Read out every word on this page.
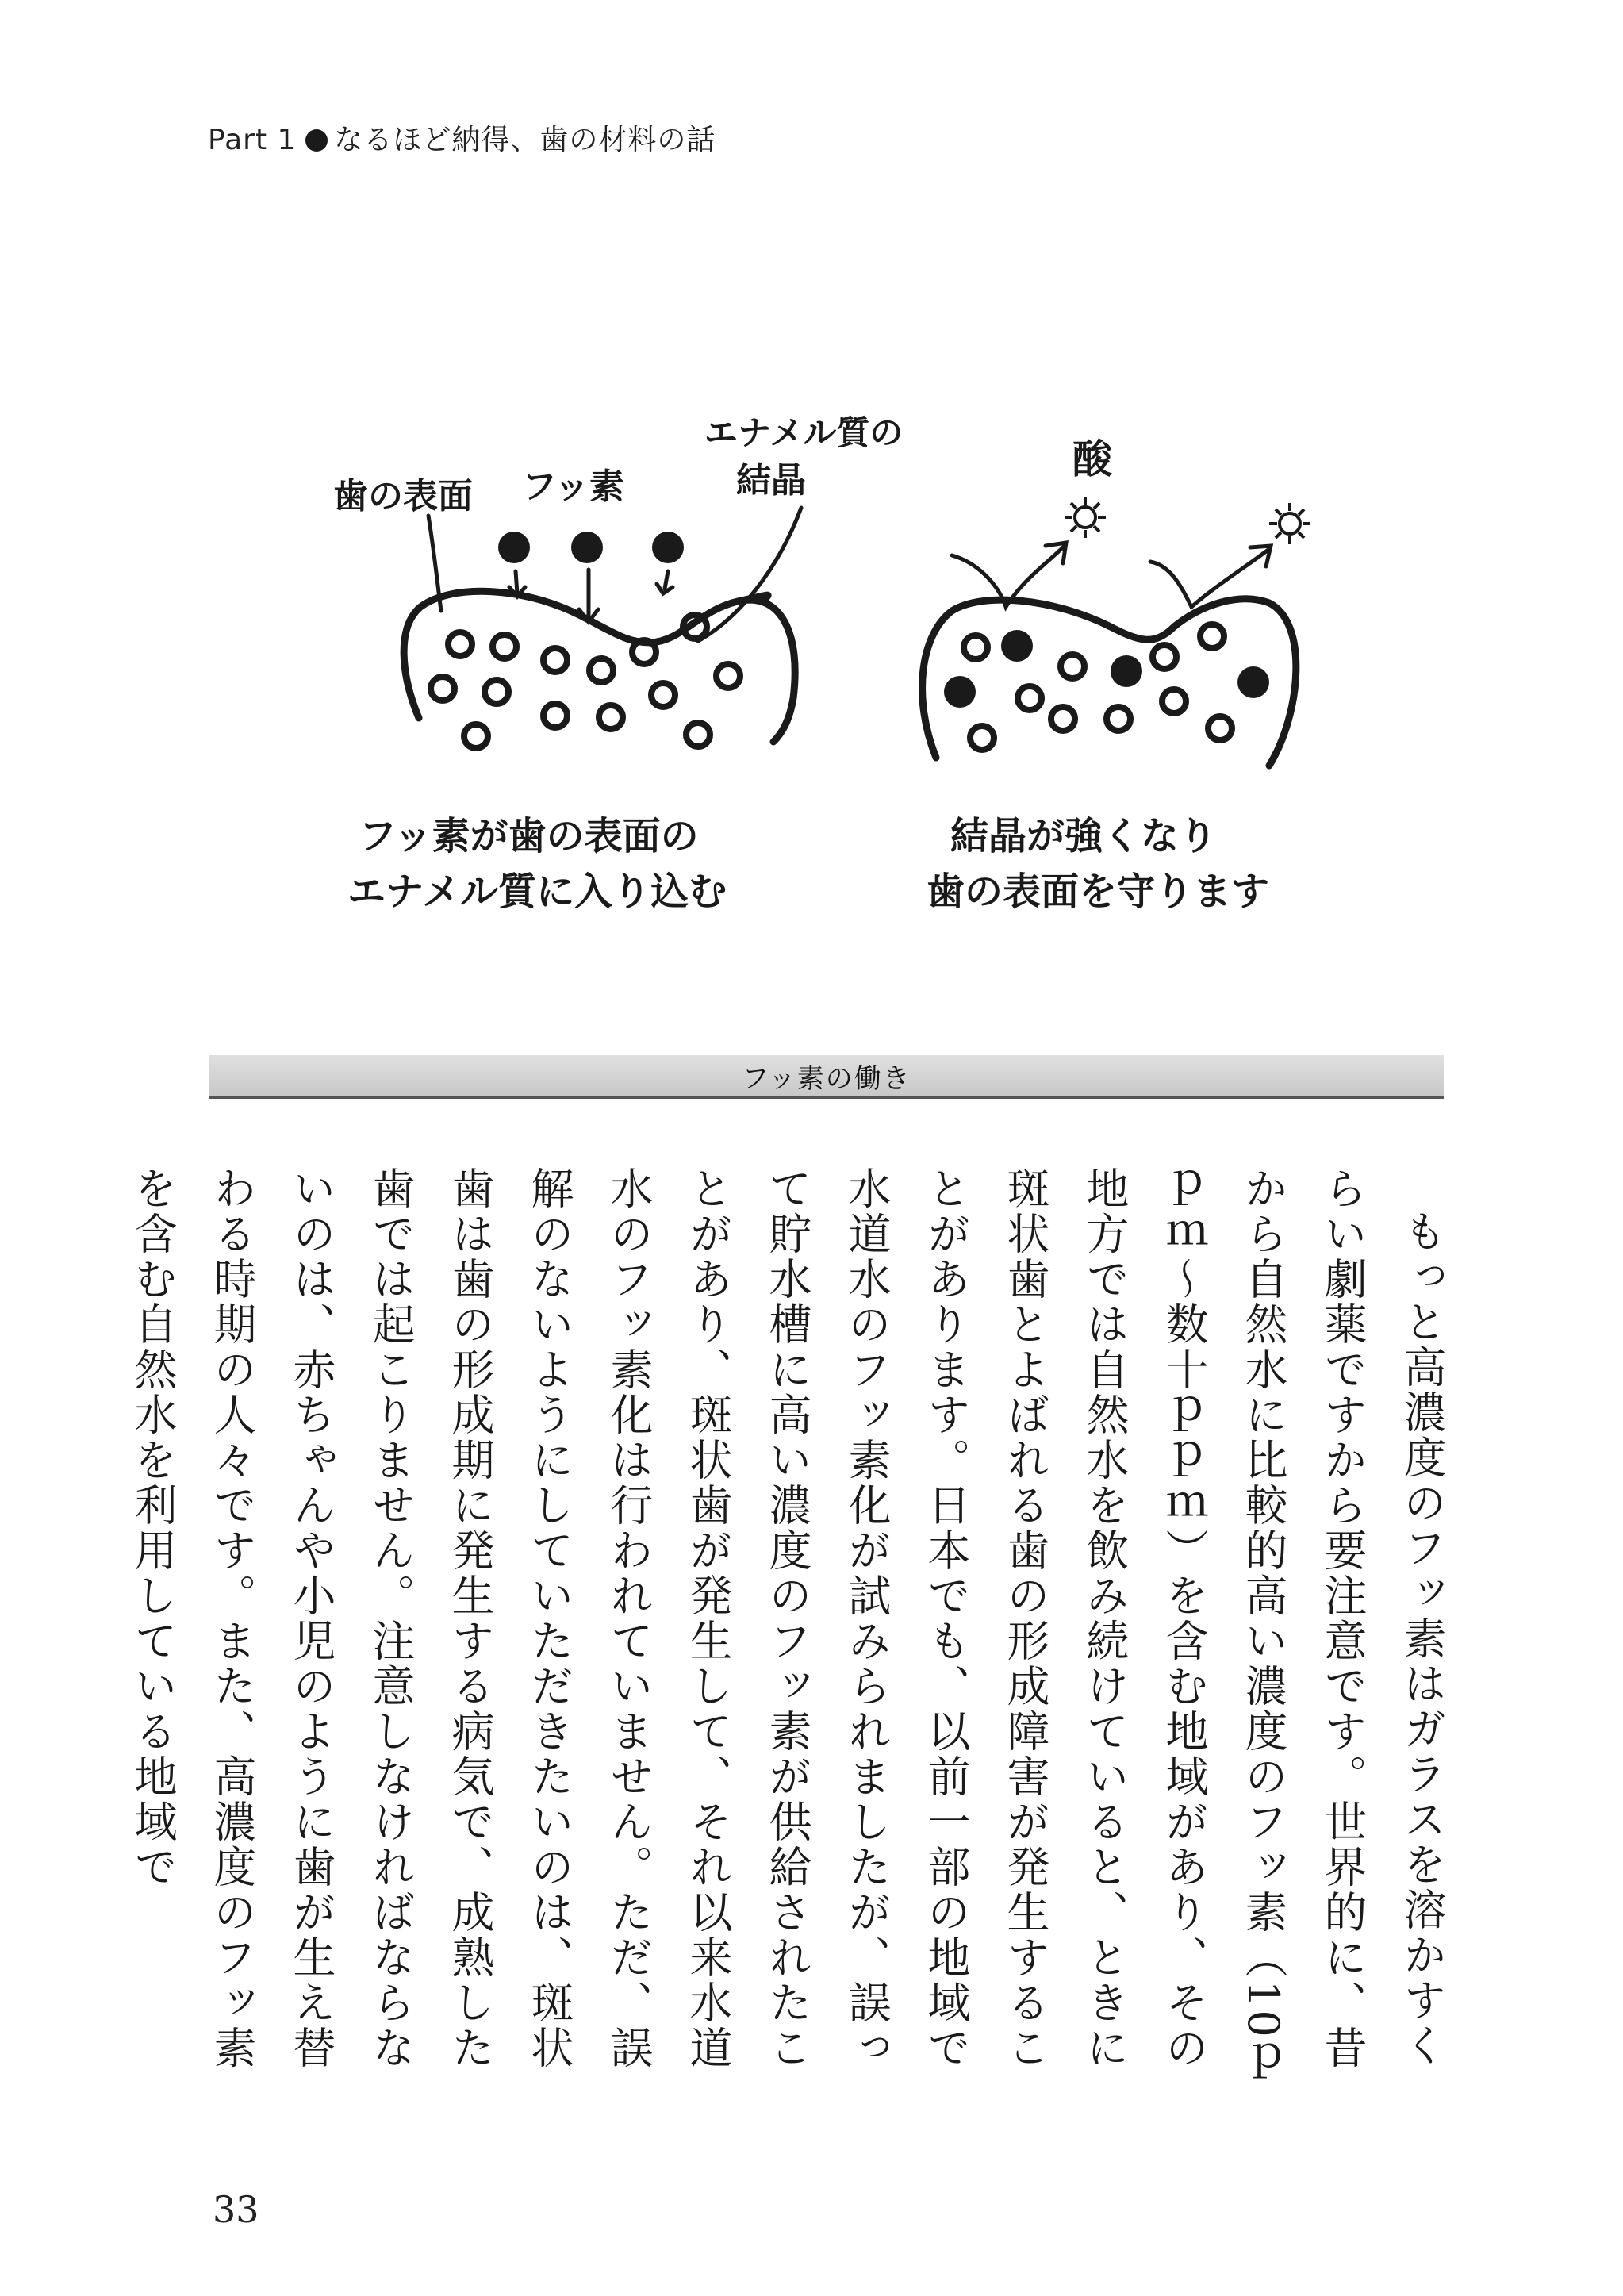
Part 1 なるほど納得、歯の材料の話
歯の表面 フッ素
エナメル質の
結晶	酸
フッ素が歯の表面の
エナメル質に入り込む
結晶が強くなり
歯の表面を守ります
フッ素の働き

もっと高濃度のフッ素はガラスを溶かすくらい劇薬ですから要注意です。世界的に、昔から自然水に比較的高い濃度のフッ素（10ｐｐｍ～数十ｐｐｍ）を含む地域があり、その地方では自然水を飲み続けていると、ときに斑状歯とよばれる歯の形成障害が発生することがあります。日本でも、以前一部の地域で水道水のフッ素化が試みられましたが、誤って貯水槽に高い濃度のフッ素が供給されたことがあり、斑状歯が発生して、それ以来水道水のフッ素化は行われていません。ただ、誤解のないようにしていただきたいのは、斑状歯は歯の形成期に発生する病気で、成熟した歯では起こりません。注意しなければならないのは、赤ちゃんや小児のように歯が生え替わる時期の人々です。また、高濃度のフッ素を含む自然水を利用している地域で

33
